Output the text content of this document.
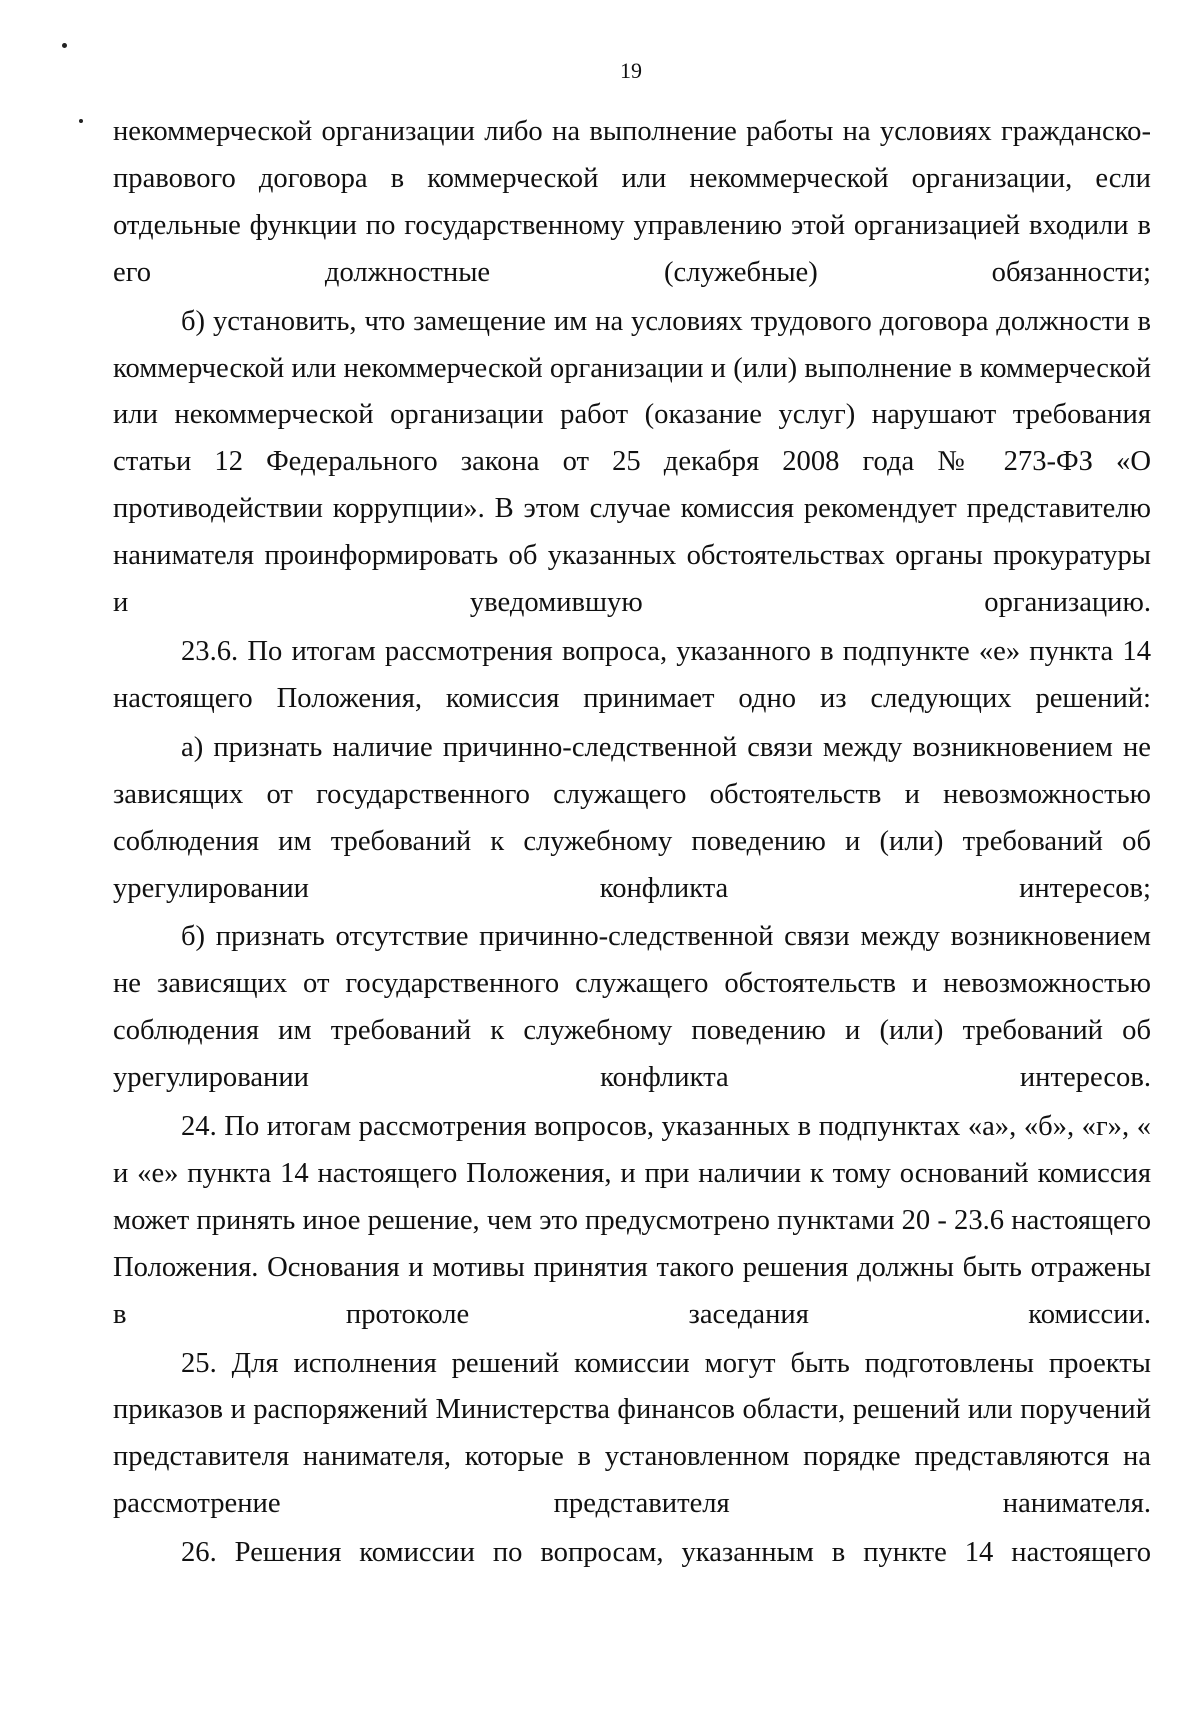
19

некоммерческой организации либо на выполнение работы на условиях гражданско-правового договора в коммерческой или некоммерческой организации, если отдельные функции по государственному управлению этой организацией входили в его должностные (служебные) обязанности;

б) установить, что замещение им на условиях трудового договора должности в коммерческой или некоммерческой организации и (или) выполнение в коммерческой или некоммерческой организации работ (оказание услуг) нарушают требования статьи 12 Федерального закона от 25 декабря 2008 года № 273-ФЗ «О противодействии коррупции». В этом случае комиссия рекомендует представителю нанимателя проинформировать об указанных обстоятельствах органы прокуратуры и уведомившую организацию.

23.6. По итогам рассмотрения вопроса, указанного в подпункте «е» пункта 14 настоящего Положения, комиссия принимает одно из следующих решений:

а) признать наличие причинно-следственной связи между возникновением не зависящих от государственного служащего обстоятельств и невозможностью соблюдения им требований к служебному поведению и (или) требований об урегулировании конфликта интересов;

б) признать отсутствие причинно-следственной связи между возникновением не зависящих от государственного служащего обстоятельств и невозможностью соблюдения им требований к служебному поведению и (или) требований об урегулировании конфликта интересов.

24. По итогам рассмотрения вопросов, указанных в подпунктах «а», «б», «г», « и «е» пункта 14 настоящего Положения, и при наличии к тому оснований комиссия может принять иное решение, чем это предусмотрено пунктами 20 - 23.6 настоящего Положения. Основания и мотивы принятия такого решения должны быть отражены в протоколе заседания комиссии.

25. Для исполнения решений комиссии могут быть подготовлены проекты приказов и распоряжений Министерства финансов области, решений или поручений представителя нанимателя, которые в установленном порядке представляются на рассмотрение представителя нанимателя.

26. Решения комиссии по вопросам, указанным в пункте 14 настоящего
